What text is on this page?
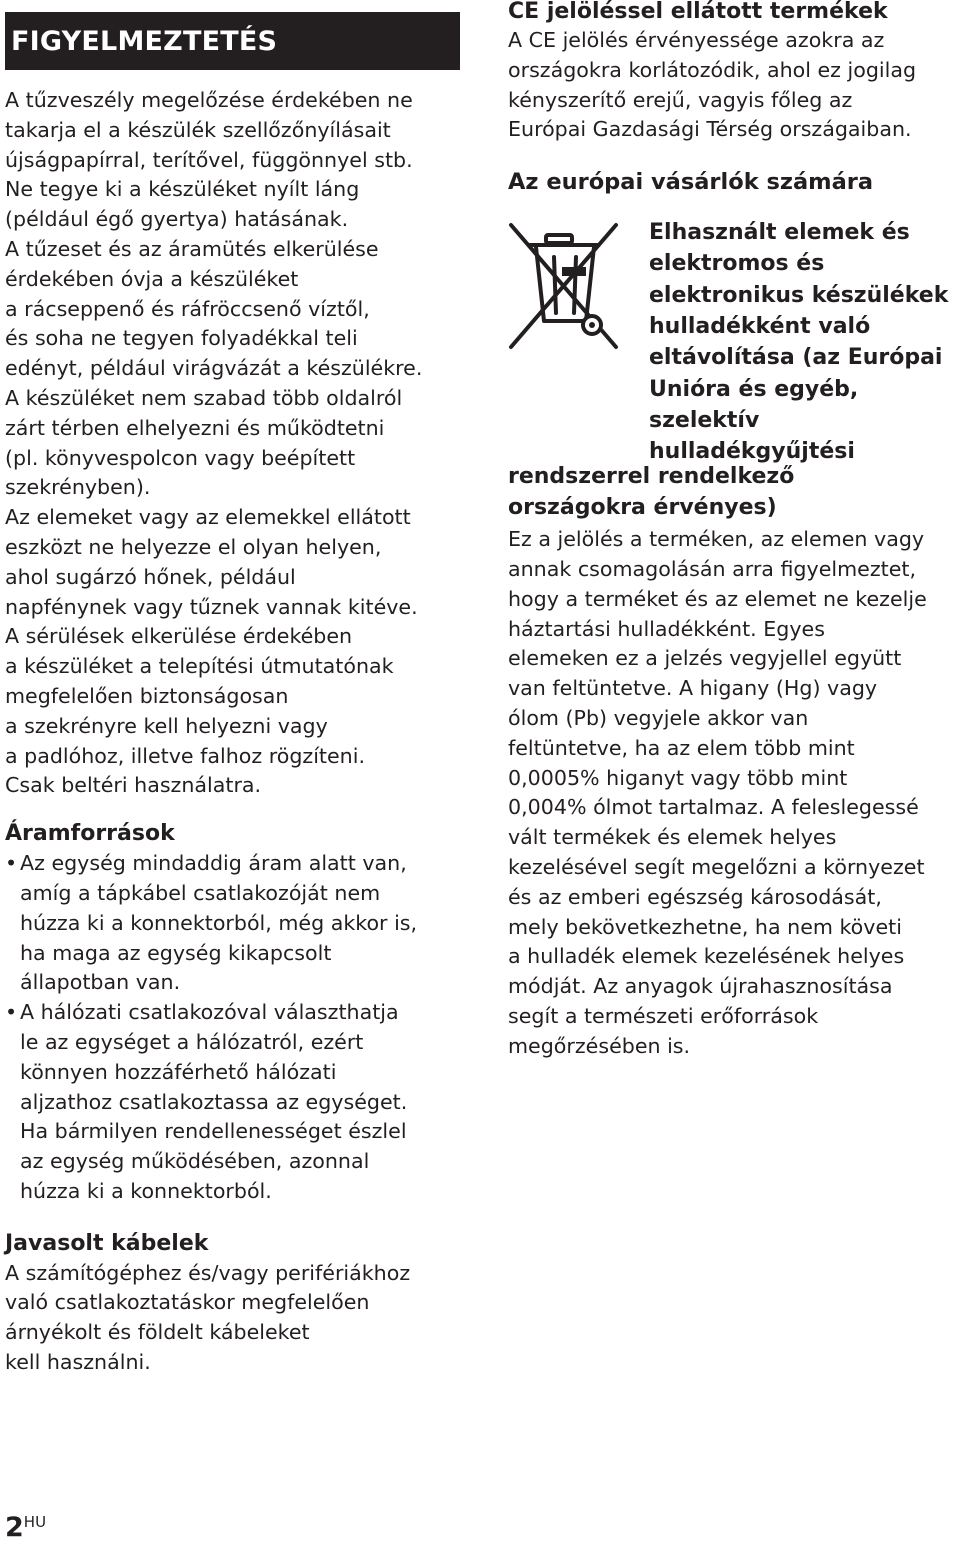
FIGYELMEZTETÉS
A tűzveszély megelőzése érdekében ne
takarja el a készülék szellőzőnyílásait
újságpapírral, terítővel, függönnyel stb.
Ne tegye ki a készüléket nyílt láng
(például égő gyertya) hatásának.
A tűzeset és az áramütés elkerülése
érdekében óvja a készüléket
a rácseppenő és ráfröccsenő víztől,
és soha ne tegyen folyadékkal teli
edényt, például virágvázát a készülékre.
A készüléket nem szabad több oldalról
zárt térben elhelyezni és működtetni
(pl. könyvespolcon vagy beépített
szekrényben).
Az elemeket vagy az elemekkel ellátott
eszközt ne helyezze el olyan helyen,
ahol sugárzó hőnek, például
napfénynek vagy tűznek vannak kitéve.
A sérülések elkerülése érdekében
a készüléket a telepítési útmutatónak
megfelelően biztonságosan
a szekrényre kell helyezni vagy
a padlóhoz, illetve falhoz rögzíteni.
Csak beltéri használatra.
Áramforrások
• Az egység mindaddig áram alatt van,
amíg a tápkábel csatlakozóját nem
húzza ki a konnektorból, még akkor is,
ha maga az egység kikapcsolt
állapotban van.
• A hálózati csatlakozóval választhatja
le az egységet a hálózatról, ezért
könnyen hozzáférhető hálózati
aljzathoz csatlakoztassa az egységet.
Ha bármilyen rendellenességet észlel
az egység működésében, azonnal
húzza ki a konnektorból.
Javasolt kábelek
A számítógéphez és/vagy perifériákhoz
való csatlakoztatáskor megfelelően
árnyékolt és földelt kábeleket
kell használni.
CE jelöléssel ellátott termékek
A CE jelölés érvényessége azokra az
országokra korlátozódik, ahol ez jogilag
kényszerítő erejű, vagyis főleg az
Európai Gazdasági Térség országaiban.
Az európai vásárlók számára
Elhasznált elemek és
elektromos és
elektronikus készülékek
hulladékként való
eltávolítása (az Európai
Unióra és egyéb,
szelektív
hulladékgyűjtési
rendszerrel rendelkező
országokra érvényes)
Ez a jelölés a terméken, az elemen vagy
annak csomagolásán arra figyelmeztet,
hogy a terméket és az elemet ne kezelje
háztartási hulladékként. Egyes
elemeken ez a jelzés vegyjellel együtt
van feltüntetve. A higany (Hg) vagy
ólom (Pb) vegyjele akkor van
feltüntetve, ha az elem több mint
0,0005% higanyt vagy több mint
0,004% ólmot tartalmaz. A feleslegessé
vált termékek és elemek helyes
kezelésével segít megelőzni a környezet
és az emberi egészség károsodását,
mely bekövetkezhetne, ha nem követi
a hulladék elemek kezelésének helyes
módját. Az anyagok újrahasznosítása
segít a természeti erőforrások
megőrzésében is.
$2^{HU}$
